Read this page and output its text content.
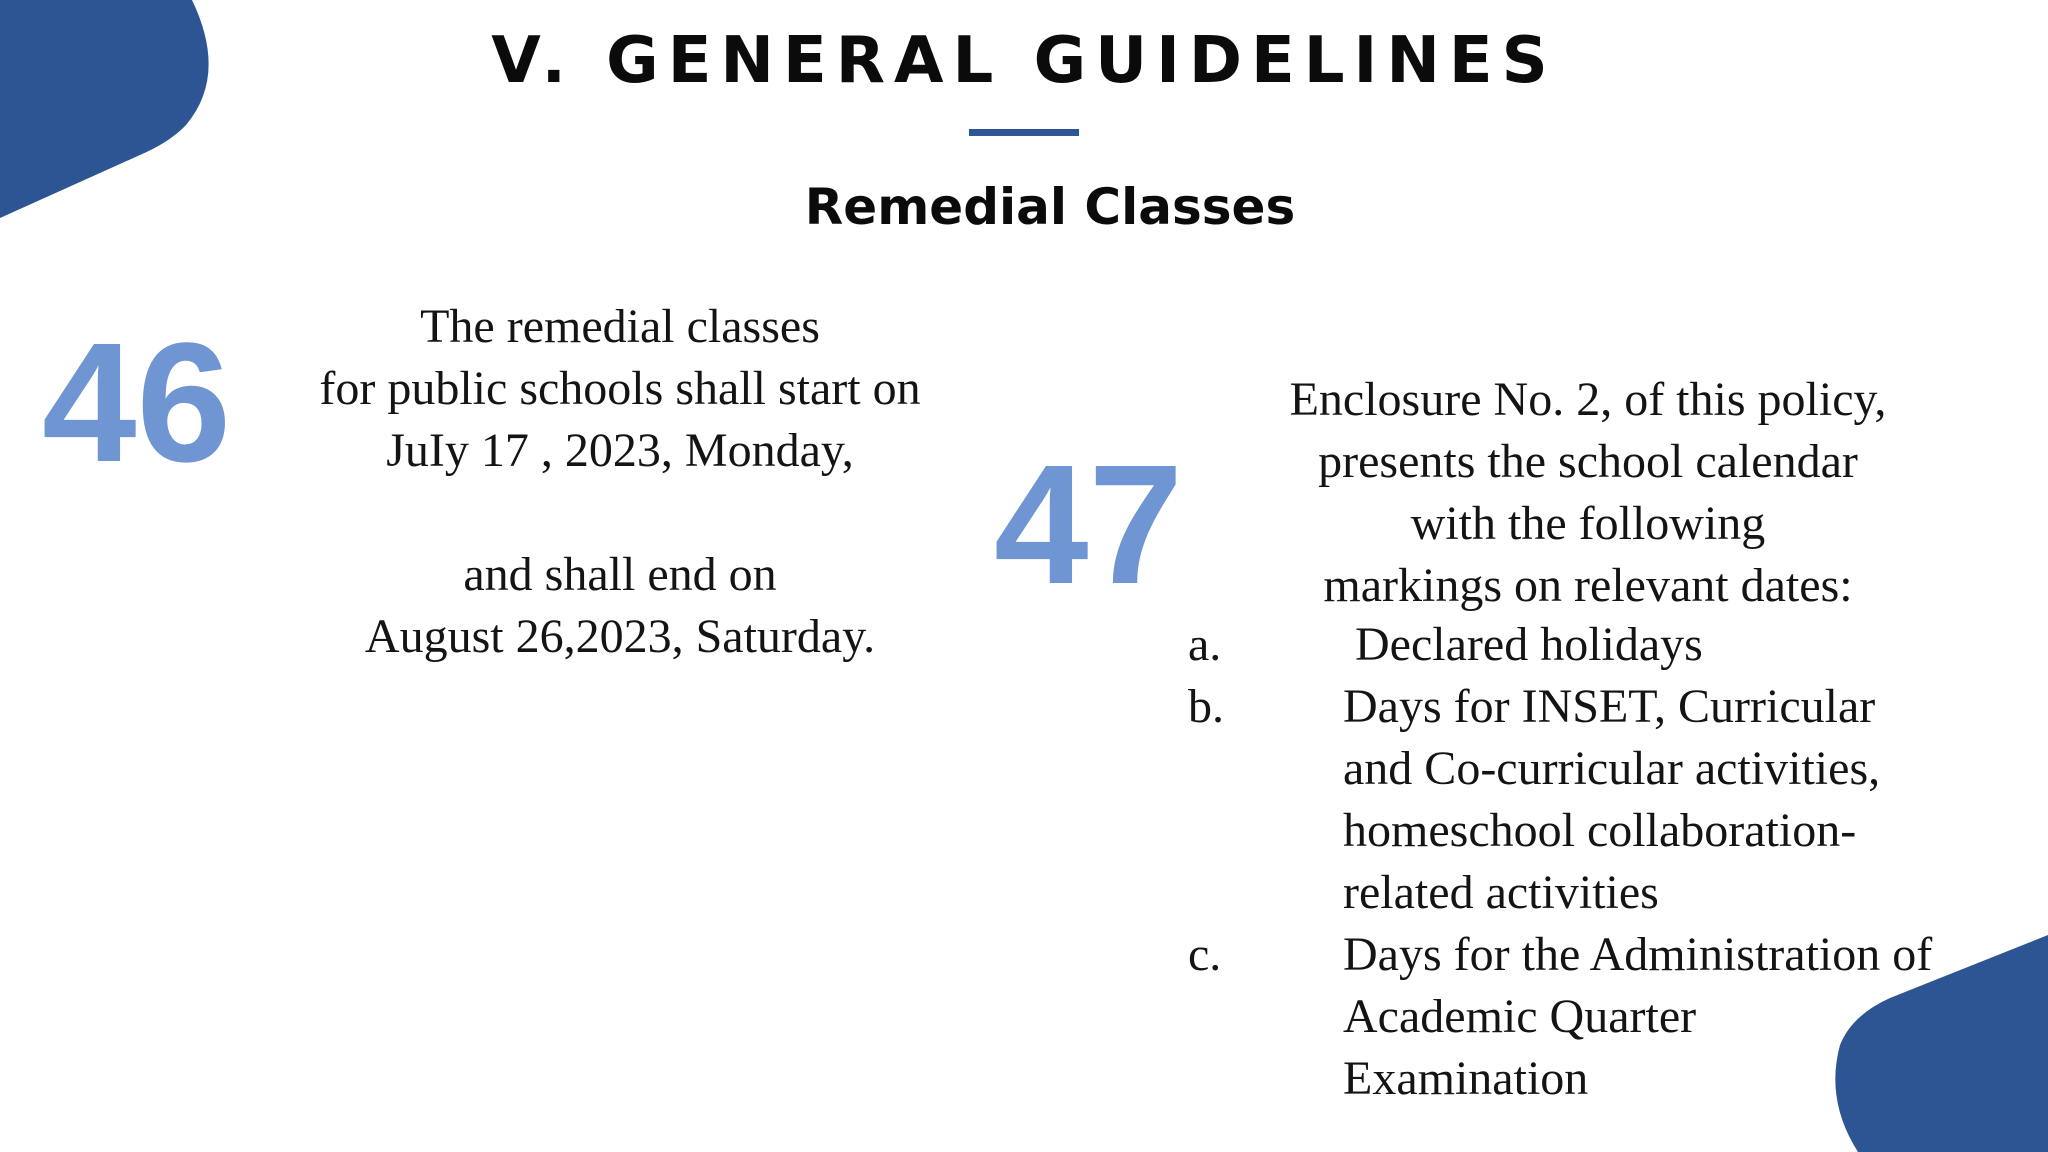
V. GENERAL GUIDELINES
Remedial Classes
46	The remedial classes
for public schools shall start on
JuIy 17 , 2023, Monday,
and shall end on
August 26,2023, Saturday.
47
Enclosure No. 2, of this policy,
presents the school calendar
with the following
markings on relevant dates:
a.	Declared holidays
b. Days for INSET, Curricular
and Co-curricular activities,
homeschool collaboration-
related activities
c.	Days for the Administration of
Academic Quarter
Examination
